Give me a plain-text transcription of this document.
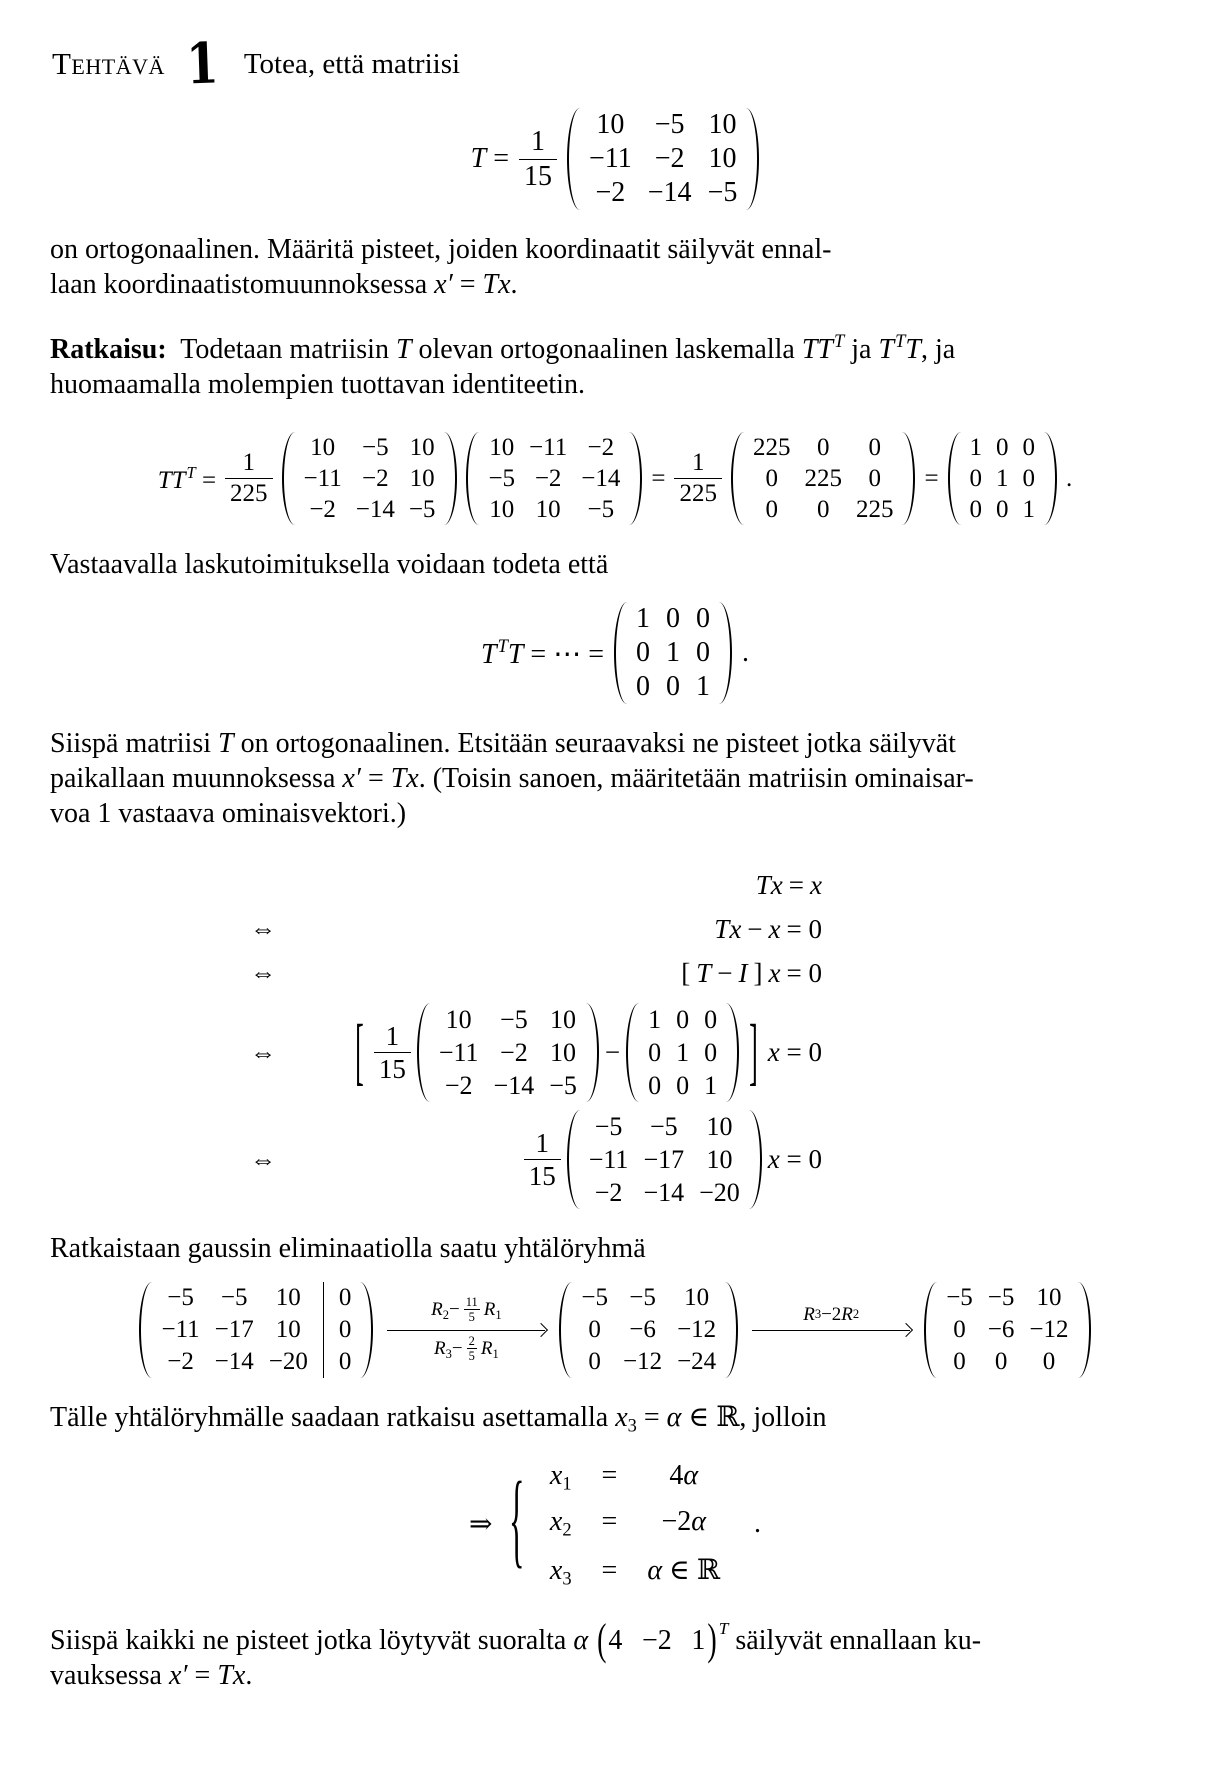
Tehtävä 1 Totea, että matriisi
$T = \frac{1}{15}$
10 −5 10
−11 −2 10
−2 −14 −5
on ortogonaalinen. Määritä pisteet, joiden koordinaatit säilyvät ennal-
laan koordinaatistomuunnoksessa x′ = Tx.
Ratkaisu:  Todetaan matriisin T olevan ortogonaalinen laskemalla $TT^T$ ja $T^TT$, ja
huomaamalla molempien tuottavan identiteetin.
$TT^T = \frac{1}{225}$
10 −5 10
−11 −2 10
−2 −14 −5
10 −11 −2
−5 −2 −14
10 10 −5
= $\frac{1}{225}$
225	0	0
0	225	0
0	0	225
=
1 0 0
0 1 0
0 0 1
.
Vastaavalla laskutoimituksella voidaan todeta että
$T^TT$ = ⋯ =
1 0 0
0 1 0
0 0 1
.
Siispä matriisi T on ortogonaalinen. Etsitään seuraavaksi ne pisteet jotka säilyvät
paikallaan muunnoksessa x′ = Tx. (Toisin sanoen, määritetään matriisin ominaisar-
voa 1 vastaava ominaisvektori.)
Tx = x
⇔	Tx − x = 0
⇔	[ T − I ] x = 0
⇔	[ $\frac{1}{15}$
10 −5 10
−11 −2 10
−2 −14 −5
−
1 0 0
0 1 0
0 0 1 ] x = 0
⇔	$\frac{1}{15}$
−5 −5 10
−11 −17 10
−2 −14 −20
x = 0
Ratkaistaan gaussin eliminaatiolla saatu yhtälöryhmä
−5 −5 10	0
−11 −17 10	0
−2 −14 −20	0
$R_2- \frac{11}{5} R_1$
$R_3- \frac{2}{5} R_1$
−5 −5 10
0 −6 −12
0 −12 −24
R 3 −2 R 2
−5 −5 10
0 −6 −12
0 0	0
Tälle yhtälöryhmälle saadaan ratkaisu asettamalla $x_3 = \alpha$ ∈ ℝ, jolloin
⇒ { $x_1 = 4\alpha$
$x_2 = -2\alpha$
$x_3 = \alpha$ ∈ ℝ
.
Siispä kaikki ne pisteet jotka löytyvät suoralta α (4  −2  1) $^T$ säilyvät ennallaan ku-
vauksessa x′ = Tx.
